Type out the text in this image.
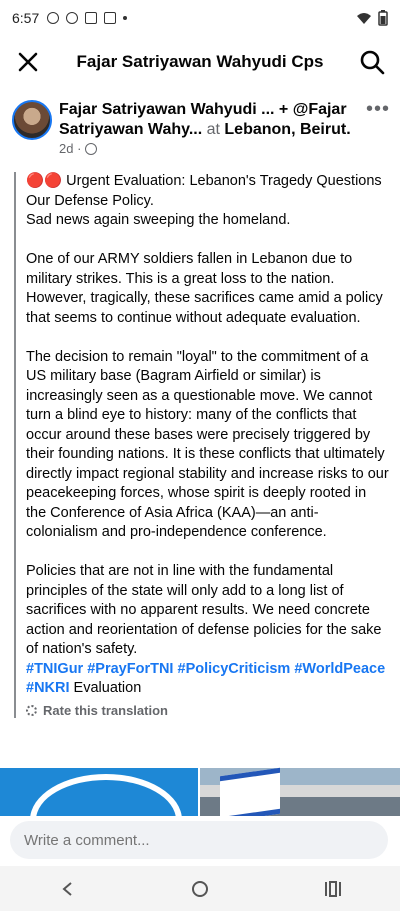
6:57
Fajar Satriyawan Wahyudi Cps
Fajar Satriyawan Wahyudi ... + @Fajar
Satriyawan Wahy... at Lebanon, Beirut.
2d ·
•••

🔴🔴 Urgent Evaluation: Lebanon's Tragedy Questions Our Defense Policy.
Sad news again sweeping the homeland.

One of our ARMY soldiers fallen in Lebanon due to military strikes. This is a great loss to the nation. However, tragically, these sacrifices came amid a policy that seems to continue without adequate evaluation.

The decision to remain "loyal" to the commitment of a US military base (Bagram Airfield or similar) is increasingly seen as a questionable move. We cannot turn a blind eye to history: many of the conflicts that occur around these bases were precisely triggered by their founding nations. It is these conflicts that ultimately directly impact regional stability and increase risks to our peacekeeping forces, whose spirit is deeply rooted in the Conference of Asia Africa (KAA)—an anti-colonialism and pro-independence conference.

Policies that are not in line with the fundamental principles of the state will only add to a long list of sacrifices with no apparent results. We need concrete action and reorientation of defense policies for the sake of nation's safety.
#TNIGur #PrayForTNI #PolicyCriticism #WorldPeace #NKRI Evaluation

Rate this translation
Write a comment...
